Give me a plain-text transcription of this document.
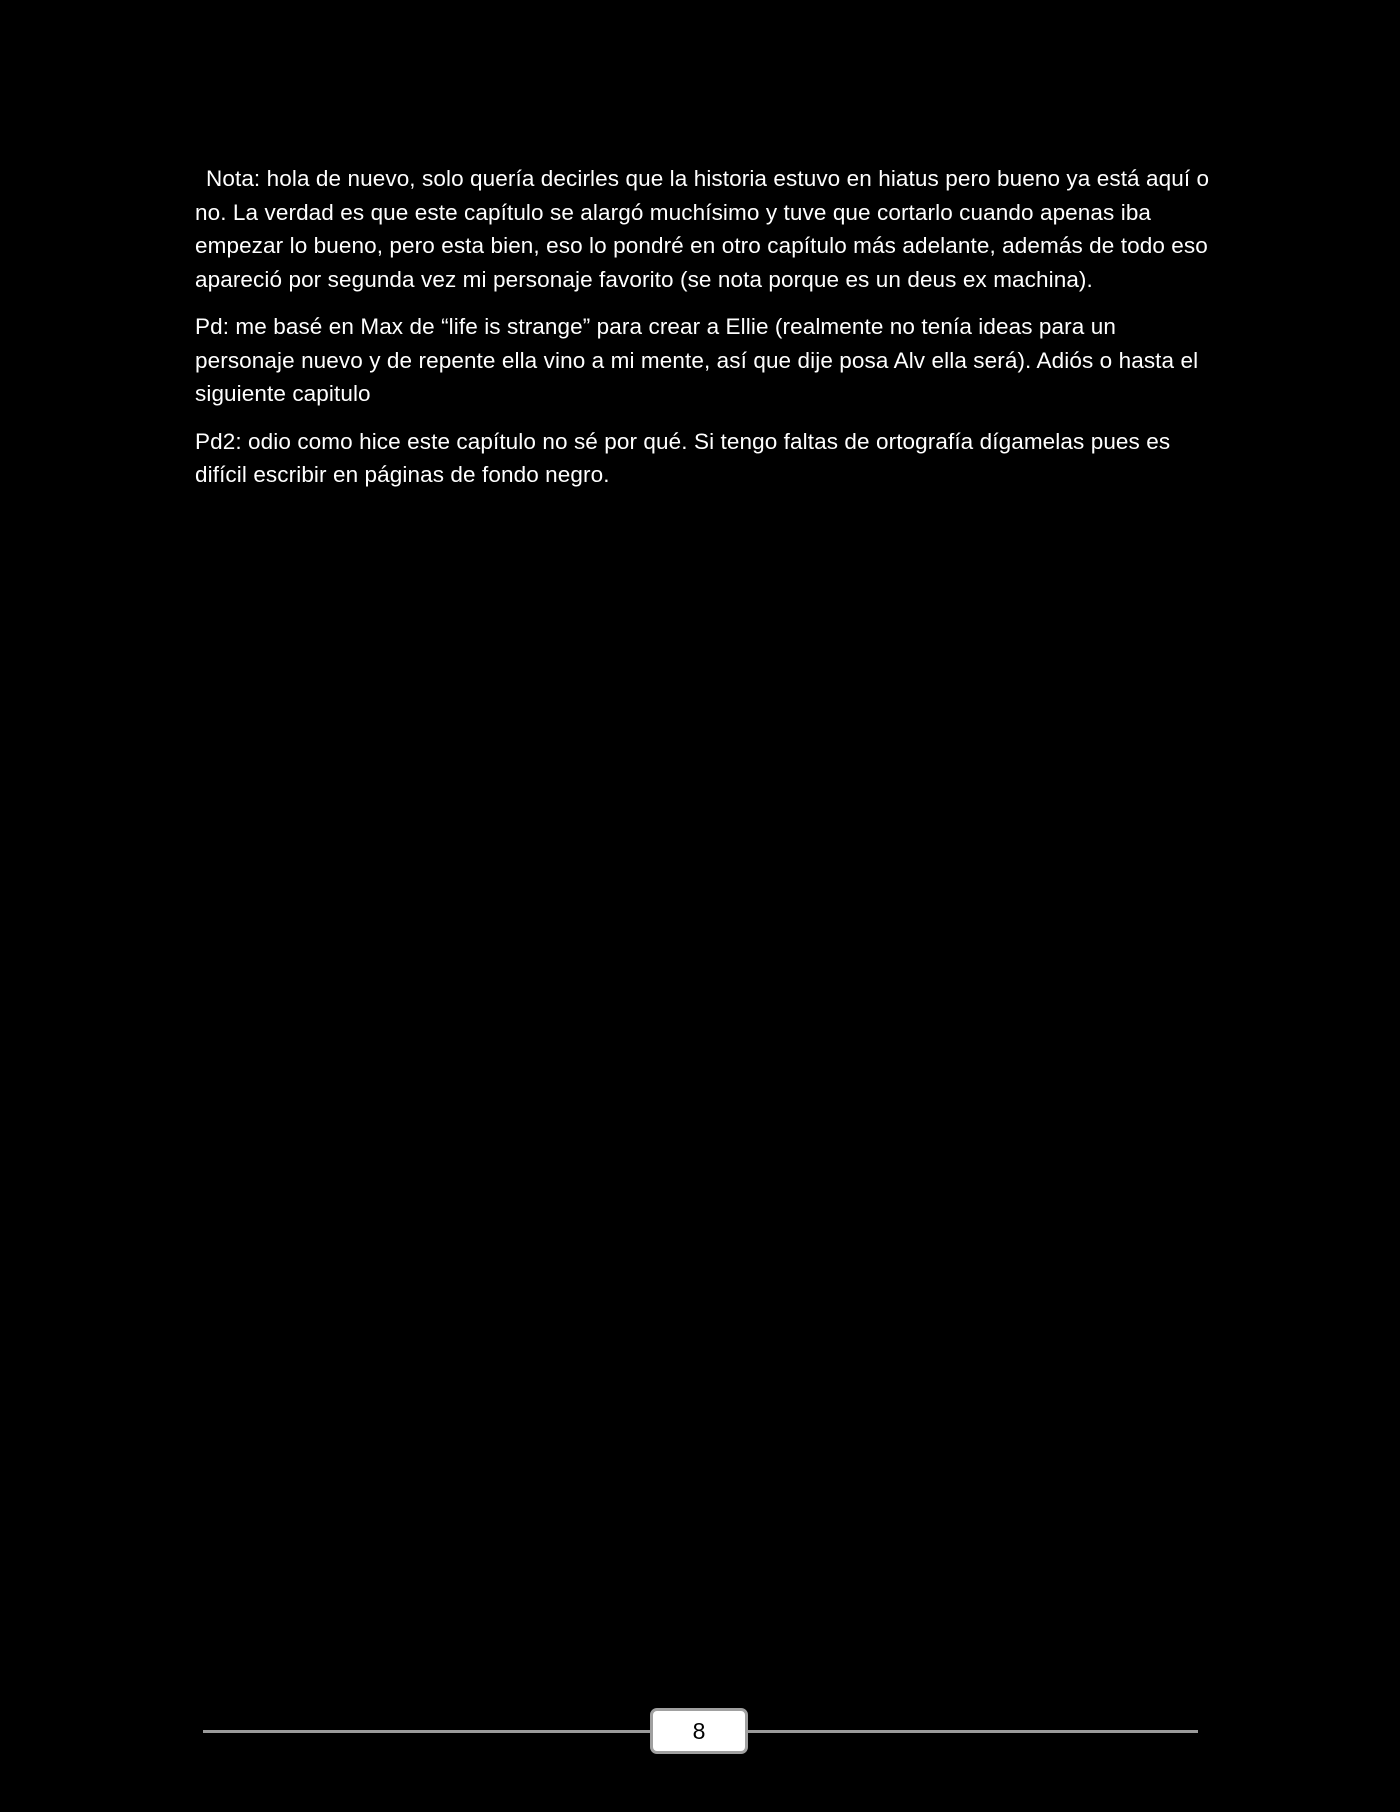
Nota: hola de nuevo, solo quería decirles que la historia estuvo en hiatus pero bueno ya está aquí o no. La verdad es que este capítulo se alargó muchísimo y tuve que cortarlo cuando apenas iba empezar lo bueno, pero esta bien, eso lo pondré en otro capítulo más adelante, además de todo eso apareció por segunda vez mi personaje favorito (se nota porque es un deus ex machina).

Pd: me basé en Max de “life is strange” para crear a Ellie (realmente no tenía ideas para un personaje nuevo y de repente ella vino a mi mente, así que dije posa Alv ella será). Adiós o hasta el siguiente capitulo

Pd2: odio como hice este capítulo no sé por qué. Si tengo faltas de ortografía dígamelas pues es difícil escribir en páginas de fondo negro.

8
